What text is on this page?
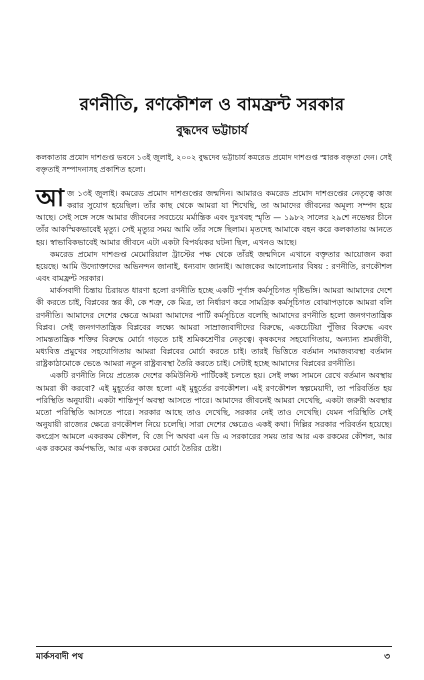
রণনীতি, রণকৌশল ও বামফ্রন্ট সরকার
বুদ্ধদেব ভট্টাচার্য
কলকাতায় প্রমোদ দাশগুপ্ত ভবনে ১৩ই জুলাই, ২০০২ বুদ্ধদেব ভট্টাচার্য কমরেড প্রমোদ দাশগুপ্ত স্মারক বক্তৃতা দেন। সেই বক্তৃতাই সম্পাদনাসহ প্রকাশিত হলো।

আজ ১৩ই জুলাই। কমরেড প্রমোদ দাশগুপ্তের জন্মদিন। আমারও কমরেড প্রমোদ দাশগুপ্তের নেতৃত্বে কাজ করার সুযোগ হয়েছিল। তাঁর কাছ থেকে আমরা যা শিখেছি, তা আমাদের জীবনের অমূল্য সম্পদ হয়ে আছে। সেই সঙ্গে সঙ্গে আমার জীবনের সবচেয়ে মর্মান্তিক এবং দুঃখবহ স্মৃতি — ১৯৮২ সালের ২৯শে নভেম্বর চীনে তাঁর আকস্মিকভাবেই মৃত্যু। সেই মৃত্যুর সময় আমি তাঁর সঙ্গে ছিলাম। মৃতদেহ আমাকে বহন করে কলকাতায় আনতে হয়। স্বাভাবিকভাবেই আমার জীবনে এটা একটা বিপর্যয়কর ঘটনা ছিল, এখনও আছে।

কমরেড প্রমোদ দাশগুপ্ত মেমোরিয়াল ট্রাস্টের পক্ষ থেকে তাঁরই জন্মদিনে এখানে বক্তৃতার আয়োজন করা হয়েছে। আমি উদ্যোক্তাদের অভিনন্দন জানাই, ধন্যবাদ জানাই। আজকের আলোচনার বিষয় : রণনীতি, রণকৌশল এবং বামফ্রন্ট সরকার।

মার্কসবাদী চিন্তায় চিরায়ত ধারণা হলো রণনীতি হচ্ছে একটি পূর্ণাঙ্গ কর্মসূচিগত দৃষ্টিভঙ্গি। আমরা আমাদের দেশে কী করতে চাই, বিপ্লবের স্তর কী, কে শত্রু, কে মিত্র, তা নির্ধারণ করে সামগ্রিক কর্মসূচিগত বোঝাপড়াকে আমরা বলি রণনীতি। আমাদের দেশের ক্ষেত্রে আমরা আমাদের পার্টি কর্মসূচিতে বলেছি আমাদের রণনীতি হলো জনগণতান্ত্রিক বিপ্লব। সেই জনগণতান্ত্রিক বিপ্লবের লক্ষ্যে আমরা সাম্রাজ্যবাদীদের বিরুদ্ধে, একচেটিয়া পুঁজির বিরুদ্ধে এবং সামন্ততান্ত্রিক শক্তির বিরুদ্ধে মোর্চা গড়তে চাই শ্রমিকশ্রেণীর নেতৃত্বে। কৃষকদের সহযোগিতায়, অন্যান্য শ্রমজীবী, মধ্যবিত্ত প্রমুখের সহযোগিতায় আমরা বিপ্লবের মোর্চা করতে চাই। তারই ভিত্তিতে বর্তমান সমাজব্যবস্থা বর্তমান রাষ্ট্রকাঠামোকে ভেঙে আমরা নতুন রাষ্ট্রব্যবস্থা তৈরি করতে চাই। সেটাই হচ্ছে আমাদের বিপ্লবের রণনীতি।

একটি রণনীতি নিয়ে প্রত্যেক দেশের কমিউনিস্ট পার্টিকেই চলতে হয়। সেই লক্ষ্য সামনে রেখে বর্তমান অবস্থায় আমরা কী করবো? এই মুহূর্তের কাজ হলো এই মুহূর্তের রণকৌশল। এই রণকৌশল স্বল্পমেয়াদী, তা পরিবর্তিত হয় পরিস্থিতি অনুযায়ী। একটা শান্তিপূর্ণ অবস্থা আসতে পারে। আমাদের জীবনেই আমরা দেখেছি, একটা জরুরী অবস্থার মতো পরিস্থিতি আসতে পারে। সরকার আছে তাও দেখেছি, সরকার নেই তাও দেখেছি। যেমন পরিস্থিতি সেই অনুযায়ী রাজ্যের ক্ষেত্রে রণকৌশল নিয়ে চলেছি। সারা দেশের ক্ষেত্রেও একই কথা। দিল্লির সরকার পরিবর্তন হয়েছে। কংগ্রেস আমলে একরকম কৌশল, বি জে পি অথবা এন ডি এ সরকারের সময় তার আর এক রকমের কৌশল, আর এক রকমের কর্মপদ্ধতি, আর এক রকমের মোর্চা তৈরির চেষ্টা।

মার্কসবাদী পথ	৩
